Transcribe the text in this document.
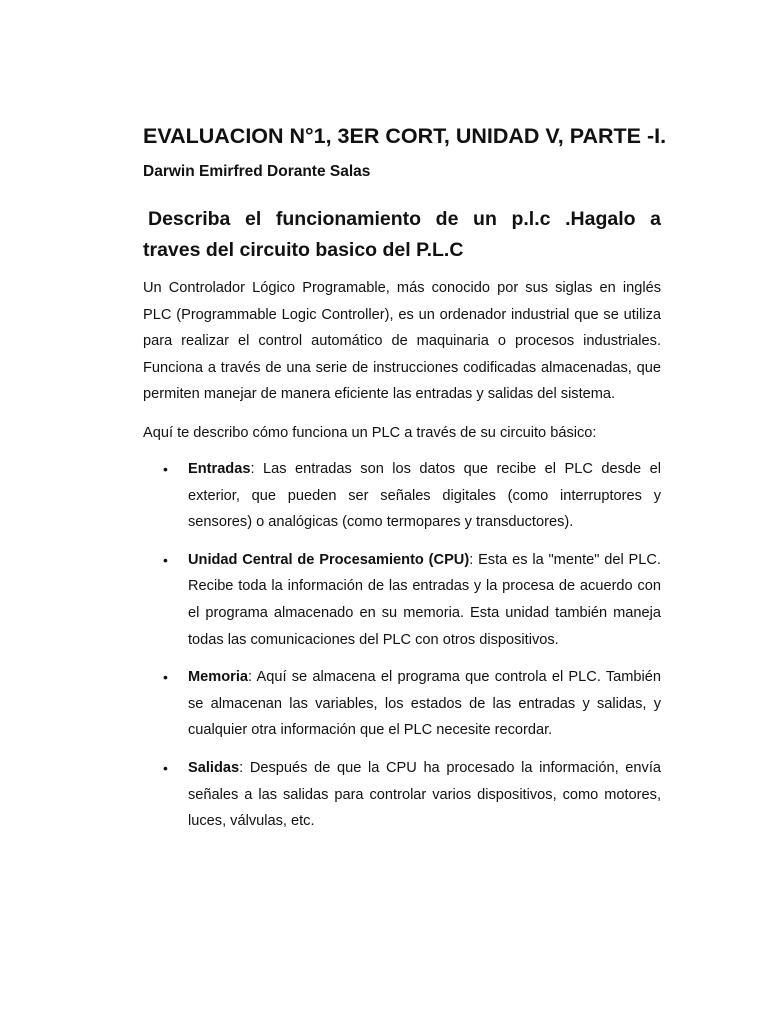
EVALUACION N°1, 3ER CORT, UNIDAD V, PARTE -I.

Darwin Emirfred Dorante Salas

Describa el funcionamiento de un p.l.c .Hagalo a
traves del circuito basico del P.L.C

Un Controlador Lógico Programable, más conocido por sus siglas en inglés PLC (Programmable Logic Controller), es un ordenador industrial que se utiliza para realizar el control automático de maquinaria o procesos industriales. Funciona a través de una serie de instrucciones codificadas almacenadas, que permiten manejar de manera eficiente las entradas y salidas del sistema.

Aquí te describo cómo funciona un PLC a través de su circuito básico:

• Entradas: Las entradas son los datos que recibe el PLC desde el exterior, que pueden ser señales digitales (como interruptores y sensores) o analógicas (como termopares y transductores).
• Unidad Central de Procesamiento (CPU): Esta es la "mente" del PLC. Recibe toda la información de las entradas y la procesa de acuerdo con el programa almacenado en su memoria. Esta unidad también maneja todas las comunicaciones del PLC con otros dispositivos.
• Memoria: Aquí se almacena el programa que controla el PLC. También se almacenan las variables, los estados de las entradas y salidas, y cualquier otra información que el PLC necesite recordar.
• Salidas: Después de que la CPU ha procesado la información, envía señales a las salidas para controlar varios dispositivos, como motores, luces, válvulas, etc.
